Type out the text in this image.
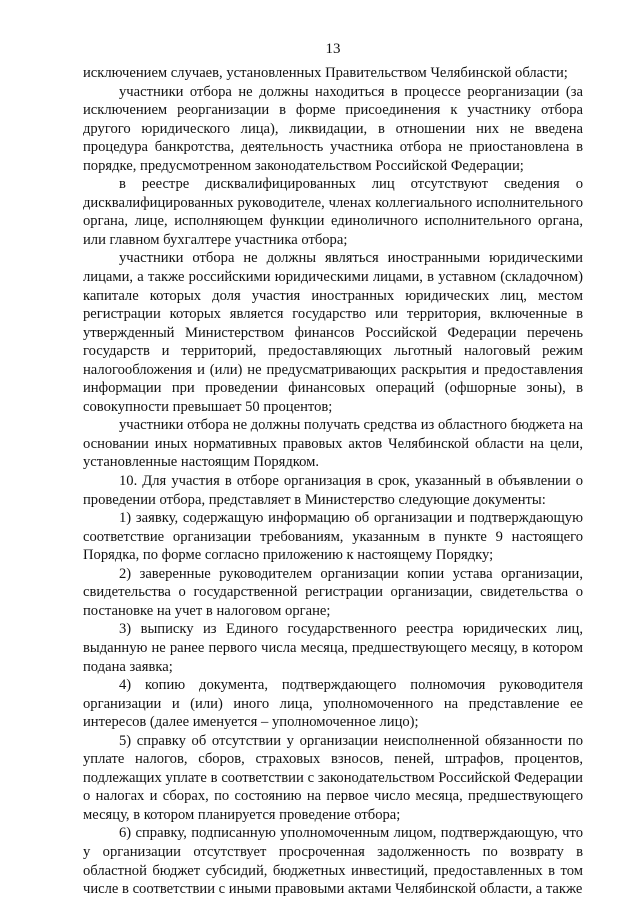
13

исключением случаев, установленных Правительством Челябинской области;

участники отбора не должны находиться в процессе реорганизации (за исключением реорганизации в форме присоединения к участнику отбора другого юридического лица), ликвидации, в отношении них не введена процедура банкротства, деятельность участника отбора не приостановлена в порядке, предусмотренном законодательством Российской Федерации;

в реестре дисквалифицированных лиц отсутствуют сведения о дисквалифицированных руководителе, членах коллегиального исполнительного органа, лице, исполняющем функции единоличного исполнительного органа, или главном бухгалтере участника отбора;

участники отбора не должны являться иностранными юридическими лицами, а также российскими юридическими лицами, в уставном (складочном) капитале которых доля участия иностранных юридических лиц, местом регистрации которых является государство или территория, включенные в утвержденный Министерством финансов Российской Федерации перечень государств и территорий, предоставляющих льготный налоговый режим налогообложения и (или) не предусматривающих раскрытия и предоставления информации при проведении финансовых операций (офшорные зоны), в совокупности превышает 50 процентов;

участники отбора не должны получать средства из областного бюджета на основании иных нормативных правовых актов Челябинской области на цели, установленные настоящим Порядком.

10. Для участия в отборе организация в срок, указанный в объявлении о проведении отбора, представляет в Министерство следующие документы:

1) заявку, содержащую информацию об организации и подтверждающую соответствие организации требованиям, указанным в пункте 9 настоящего Порядка, по форме согласно приложению к настоящему Порядку;

2) заверенные руководителем организации копии устава организации, свидетельства о государственной регистрации организации, свидетельства о постановке на учет в налоговом органе;

3) выписку из Единого государственного реестра юридических лиц, выданную не ранее первого числа месяца, предшествующего месяцу, в котором подана заявка;

4) копию документа, подтверждающего полномочия руководителя организации и (или) иного лица, уполномоченного на представление ее интересов (далее именуется – уполномоченное лицо);

5) справку об отсутствии у организации неисполненной обязанности по уплате налогов, сборов, страховых взносов, пеней, штрафов, процентов, подлежащих уплате в соответствии с законодательством Российской Федерации о налогах и сборах, по состоянию на первое число месяца, предшествующего месяцу, в котором планируется проведение отбора;

6) справку, подписанную уполномоченным лицом, подтверждающую, что у организации отсутствует просроченная задолженность по возврату в областной бюджет субсидий, бюджетных инвестиций, предоставленных в том числе в соответствии с иными правовыми актами Челябинской области, а также
